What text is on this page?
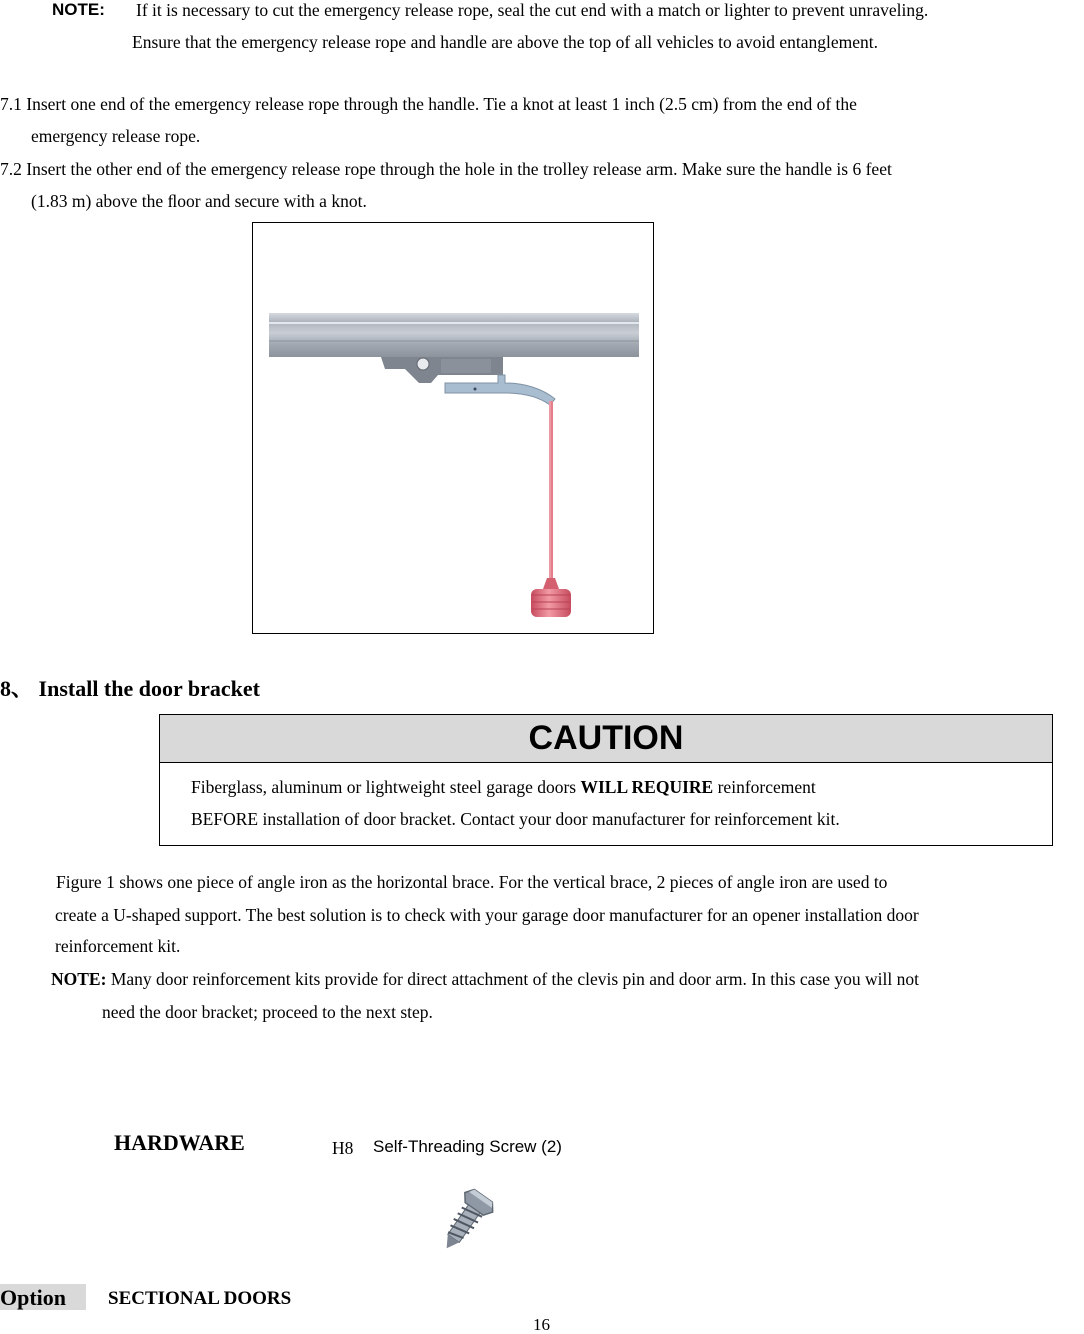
NOTE: If it is necessary to cut the emergency release rope, seal the cut end with a match or lighter to prevent unraveling.
Ensure that the emergency release rope and handle are above the top of all vehicles to avoid entanglement.
7.1 Insert one end of the emergency release rope through the handle. Tie a knot at least 1 inch (2.5 cm) from the end of the
emergency release rope.
7.2 Insert the other end of the emergency release rope through the hole in the trolley release arm. Make sure the handle is 6 feet
(1.83 m) above the ﬂoor and secure with a knot.
8、 Install the door bracket
CAUTION
Fiberglass, aluminum or lightweight steel garage doors WILL REQUIRE reinforcement
BEFORE installation of door bracket. Contact your door manufacturer for reinforcement kit.
Figure 1 shows one piece of angle iron as the horizontal brace. For the vertical brace, 2 pieces of angle iron are used to
create a U-shaped support. The best solution is to check with your garage door manufacturer for an opener installation door
reinforcement kit.
NOTE: Many door reinforcement kits provide for direct attachment of the clevis pin and door arm. In this case you will not
need the door bracket; proceed to the next step.
HARDWARE	H8 Self-Threading Screw (2)
Option	SECTIONAL DOORS
16
